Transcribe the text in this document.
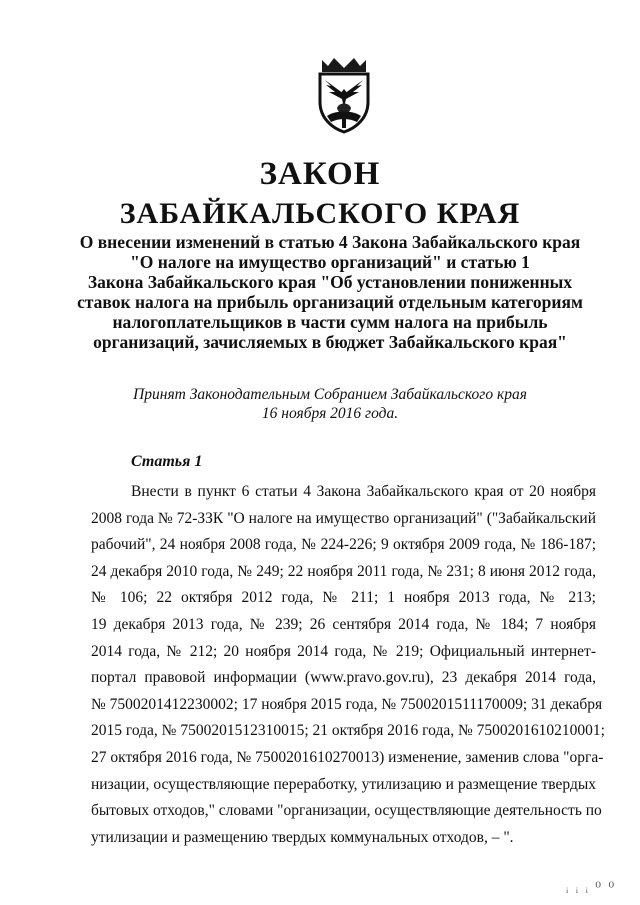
ЗАКОН
ЗАБАЙКАЛЬСКОГО КРАЯ
О внесении изменений в статью 4 Закона Забайкальского края
"О налоге на имущество организаций" и статью 1
Закона Забайкальского края "Об установлении пониженных
ставок налога на прибыль организаций отдельным категориям
налогоплательщиков в части сумм налога на прибыль
организаций, зачисляемых в бюджет Забайкальского края"
Принят Законодательным Собранием Забайкальского края
16 ноября 2016 года.
Статья 1
Внести в пункт 6 статьи 4 Закона Забайкальского края от 20 ноября
2008 года № 72-ЗЗК "О налоге на имущество организаций" ("Забайкальский
рабочий", 24 ноября 2008 года, № 224-226; 9 октября 2009 года, № 186-187;
24 декабря 2010 года, № 249; 22 ноября 2011 года, № 231; 8 июня 2012 года,
№ 106; 22 октября 2012 года, № 211; 1 ноября 2013 года, № 213;
19 декабря 2013 года, № 239; 26 сентября 2014 года, № 184; 7 ноября
2014 года, № 212; 20 ноября 2014 года, № 219; Официальный интернет-
портал правовой информации (www.pravo.gov.ru), 23 декабря 2014 года,
№ 7500201412230002; 17 ноября 2015 года, № 7500201511170009; 31 декабря
2015 года, № 7500201512310015; 21 октября 2016 года, № 7500201610210001;
27 октября 2016 года, № 7500201610270013) изменение, заменив слова "орга-
низации, осуществляющие переработку, утилизацию и размещение твердых
бытовых отходов," словами "организации, осуществляющие деятельность по
утилизации и размещению твердых коммунальных отходов, – ".
ᵢ ᵢ ᵢ ⁰ ⁰
